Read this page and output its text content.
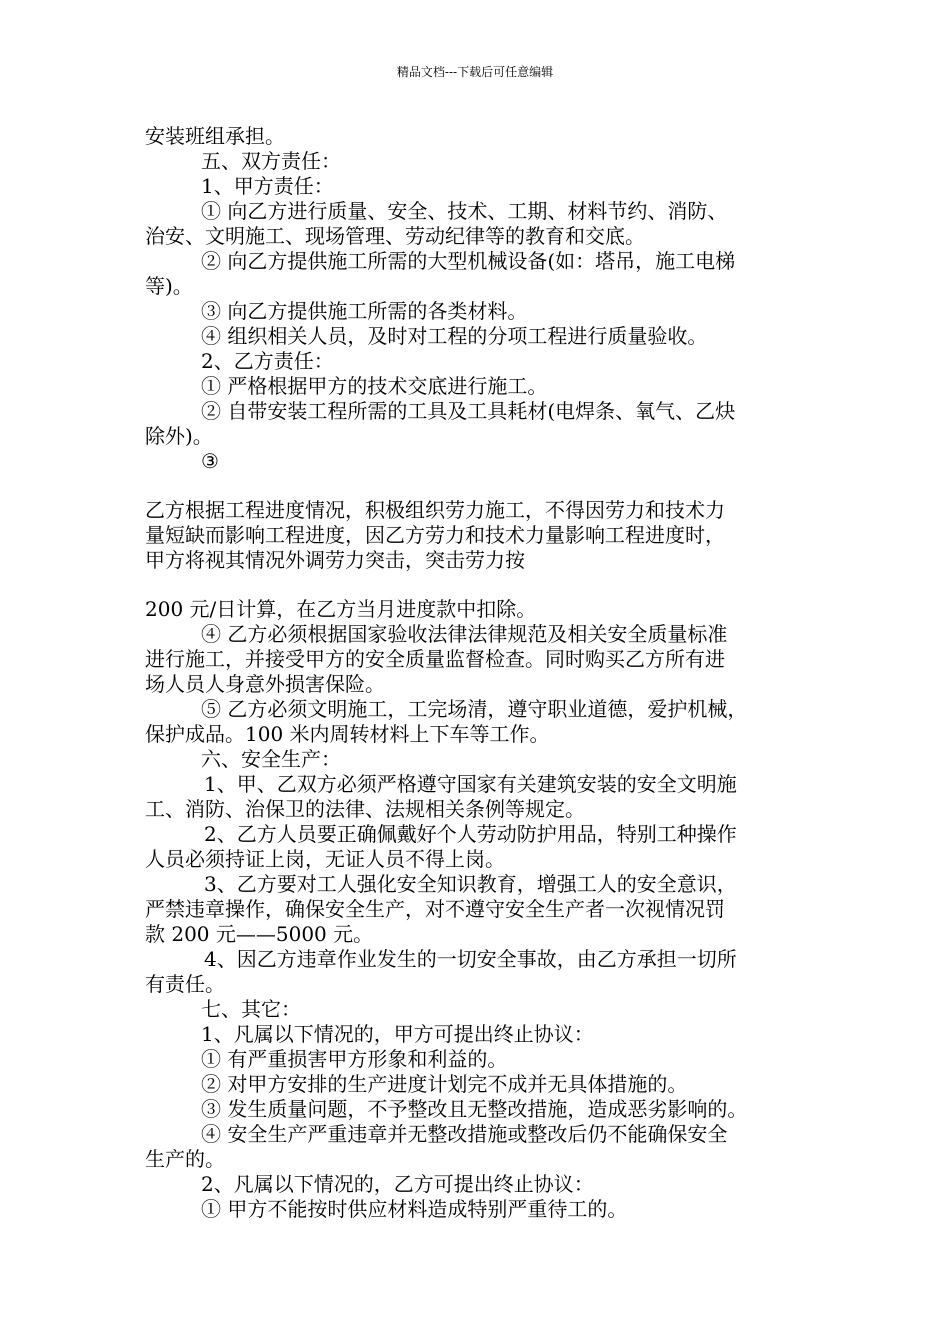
精品文档---下载后可任意编辑
安装班组承担。
五、双方责任：
1、甲方责任：
① 向乙方进行质量、安全、技术、工期、材料节约、消防、
治安、文明施工、现场管理、劳动纪律等的教育和交底。
② 向乙方提供施工所需的大型机械设备(如：塔吊，施工电梯
等)。
③ 向乙方提供施工所需的各类材料。
④ 组织相关人员，及时对工程的分项工程进行质量验收。
2、乙方责任：
① 严格根据甲方的技术交底进行施工。
② 自带安装工程所需的工具及工具耗材(电焊条、氧气、乙炔
除外)。
③
乙方根据工程进度情况，积极组织劳力施工，不得因劳力和技术力
量短缺而影响工程进度，因乙方劳力和技术力量影响工程进度时，
甲方将视其情况外调劳力突击，突击劳力按
200 元/日计算，在乙方当月进度款中扣除。
④ 乙方必须根据国家验收法律法律规范及相关安全质量标准
进行施工，并接受甲方的安全质量监督检查。同时购买乙方所有进
场人员人身意外损害保险。
⑤ 乙方必须文明施工，工完场清，遵守职业道德，爱护机械，
保护成品。100 米内周转材料上下车等工作。
六、安全生产：
1、甲、乙双方必须严格遵守国家有关建筑安装的安全文明施
工、消防、治保卫的法律、法规相关条例等规定。
2、乙方人员要正确佩戴好个人劳动防护用品，特别工种操作
人员必须持证上岗，无证人员不得上岗。
3、乙方要对工人强化安全知识教育，增强工人的安全意识，
严禁违章操作，确保安全生产，对不遵守安全生产者一次视情况罚
款 200 元——5000 元。
4、因乙方违章作业发生的一切安全事故，由乙方承担一切所
有责任。
七、其它：
1、凡属以下情况的，甲方可提出终止协议：
① 有严重损害甲方形象和利益的。
② 对甲方安排的生产进度计划完不成并无具体措施的。
③ 发生质量问题，不予整改且无整改措施，造成恶劣影响的。
④ 安全生产严重违章并无整改措施或整改后仍不能确保安全
生产的。
2、凡属以下情况的，乙方可提出终止协议：
① 甲方不能按时供应材料造成特别严重待工的。
